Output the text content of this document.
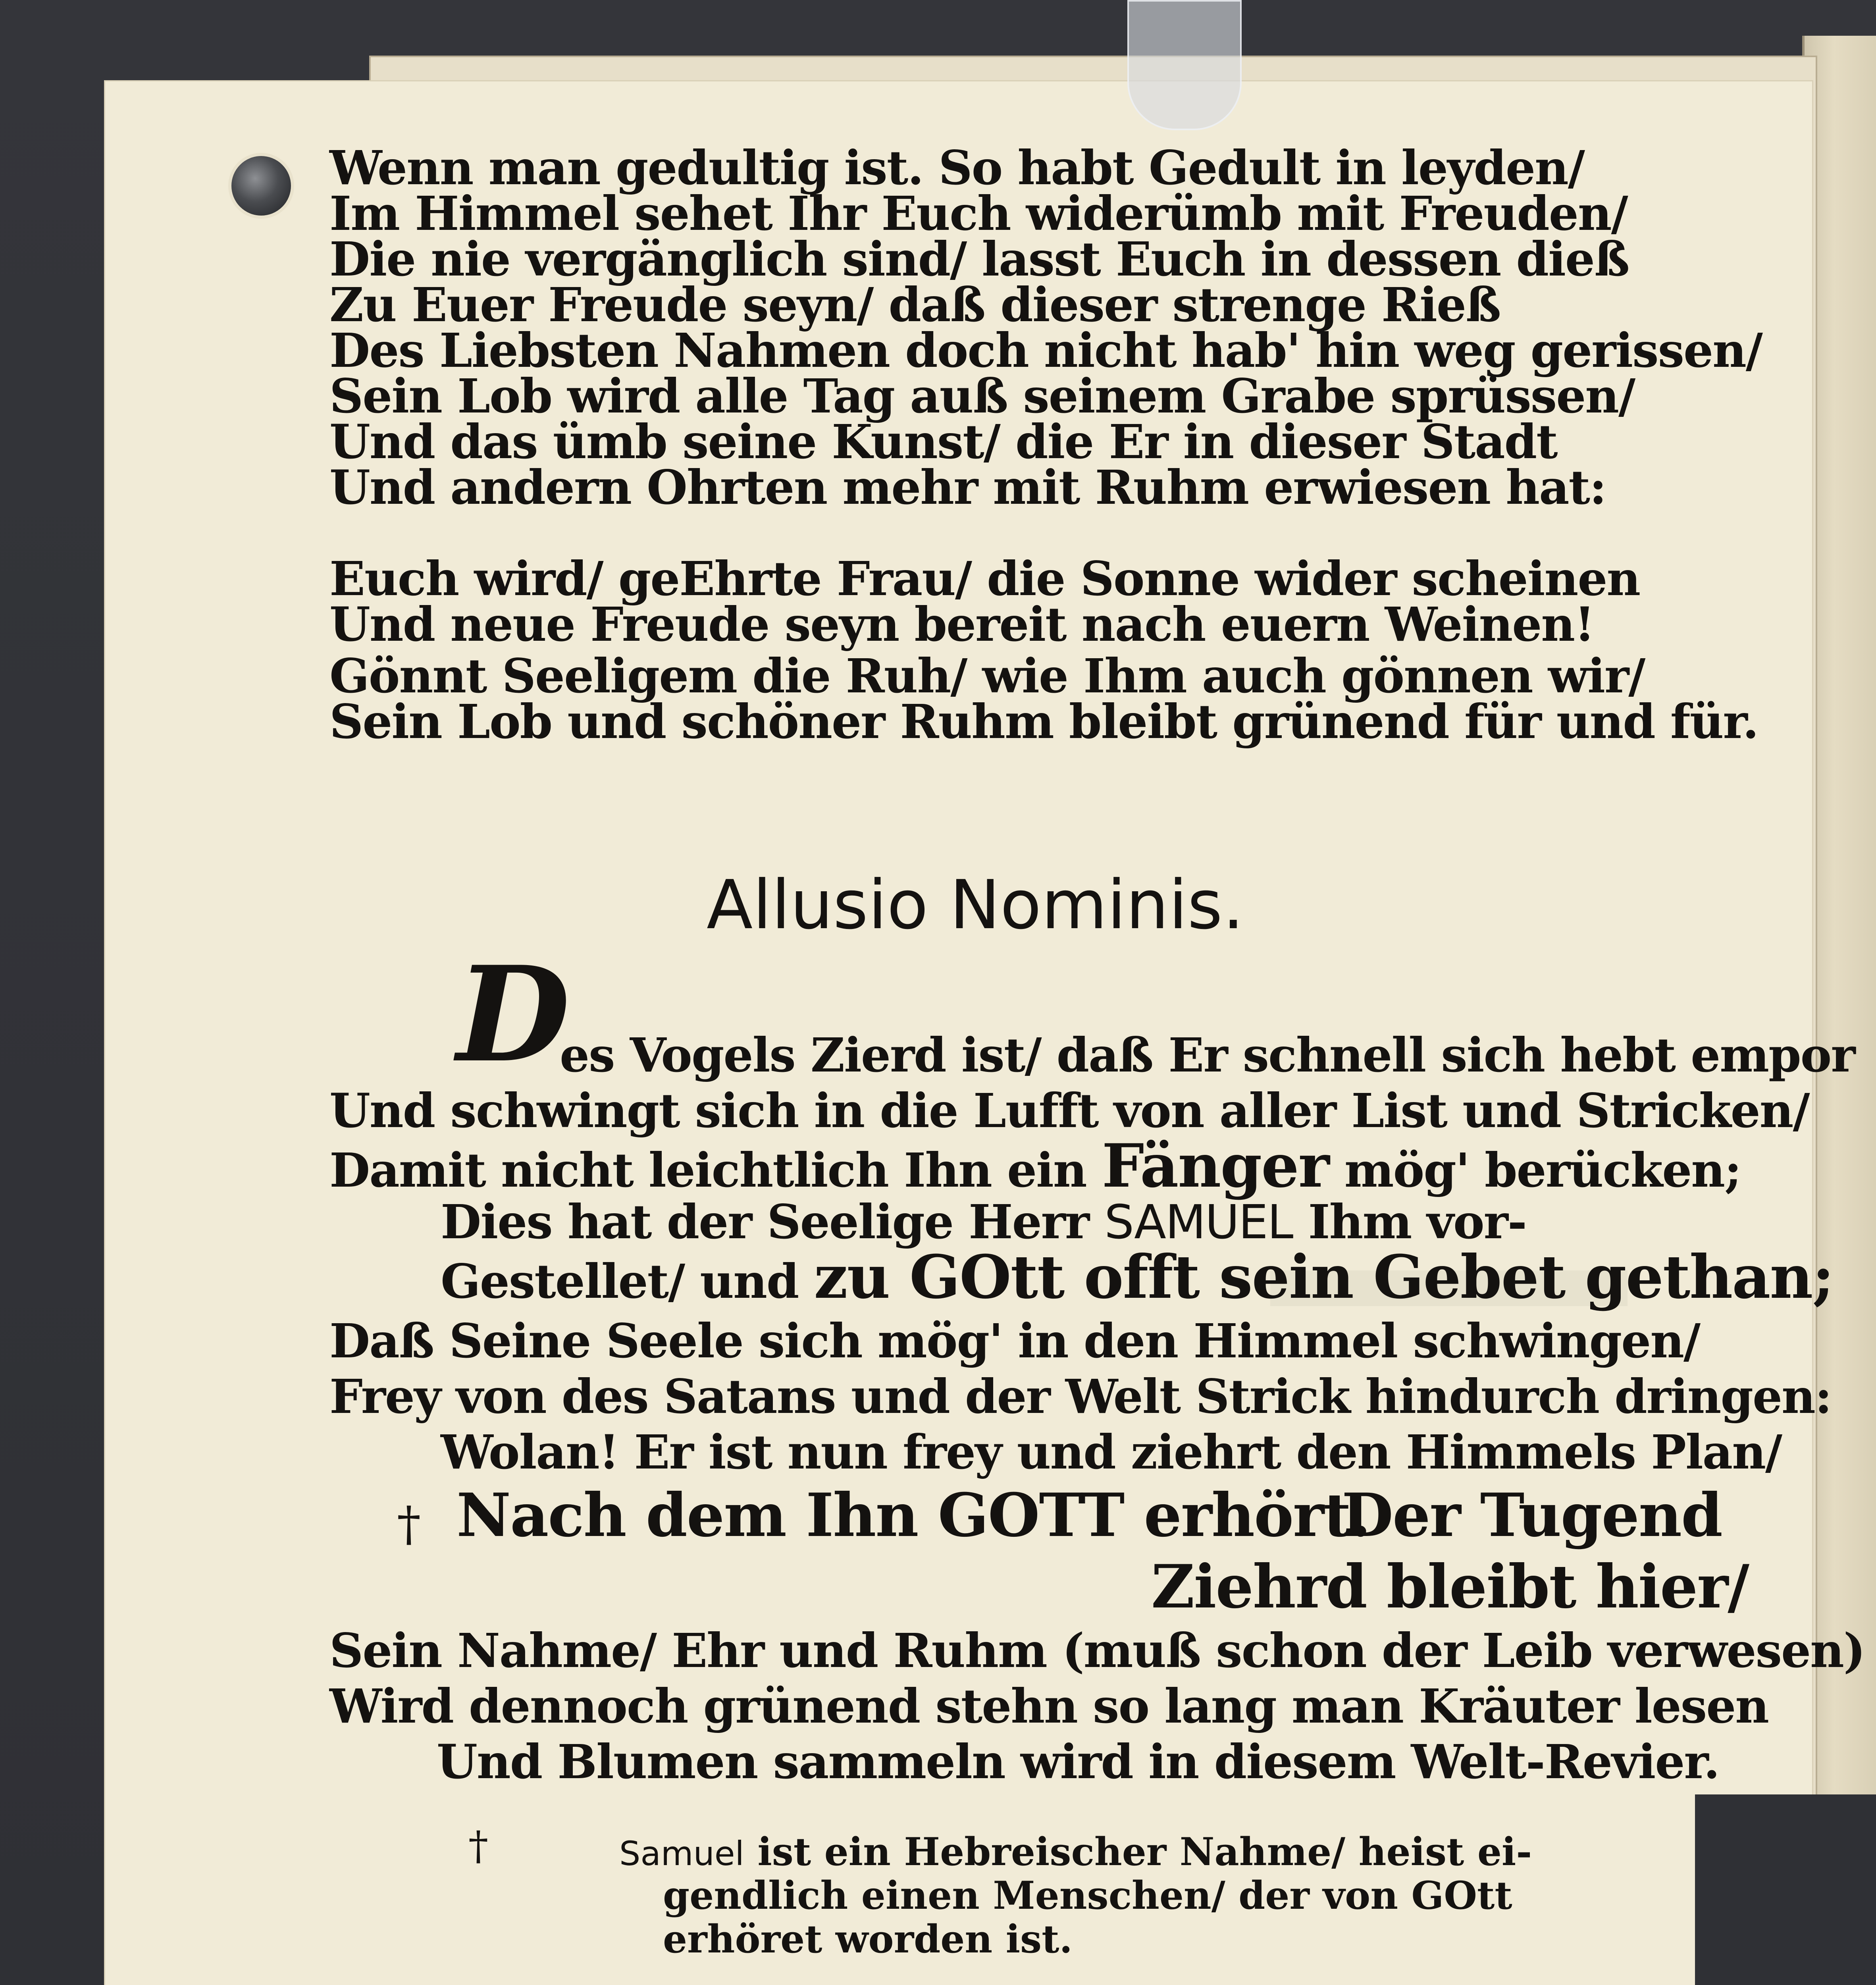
Wenn man gedultig ist. So habt Gedult in leyden/
Im Himmel sehet Ihr Euch widerümb mit Freuden/
Die nie vergänglich sind/ lasst Euch in dessen dieß
Zu Euer Freude seyn/ daß dieser strenge Rieß
Des Liebsten Nahmen doch nicht hab' hin weg gerissen/
Sein Lob wird alle Tag auß seinem Grabe sprüssen/
Und das ümb seine Kunst/ die Er in dieser Stadt
Und andern Ohrten mehr mit Ruhm erwiesen hat:
Euch wird/ geEhrte Frau/ die Sonne wider scheinen
Und neue Freude seyn bereit nach euern Weinen!
Gönnt Seeligem die Ruh/ wie Ihm auch gönnen wir/
Sein Lob und schöner Ruhm bleibt grünend für und für.
Allusio Nominis.
D
es Vogels Zierd ist/ daß Er schnell sich hebt empor
Und schwingt sich in die Lufft von aller List und Stricken/
Damit nicht leichtlich Ihn ein Fänger mög' berücken;
Dies hat der Seelige Herr SAMUEL Ihm vor-
Gestellet/ und zu GOtt offt sein Gebet gethan;
Daß Seine Seele sich mög' in den Himmel schwingen/
Frey von des Satans und der Welt Strick hindurch dringen:
Wolan! Er ist nun frey und ziehrt den Himmels Plan/
† Nach dem Ihn GOTT erhört.
Der Tugend
Ziehrd bleibt hier/
Sein Nahme/ Ehr und Ruhm (muß schon der Leib verwesen)
Wird dennoch grünend stehn so lang man Kräuter lesen
Und Blumen sammeln wird in diesem Welt-Revier.
†	Samuel ist ein Hebreischer Nahme/ heist ei-
gendlich einen Menschen/ der von GOtt
erhöret worden ist.
